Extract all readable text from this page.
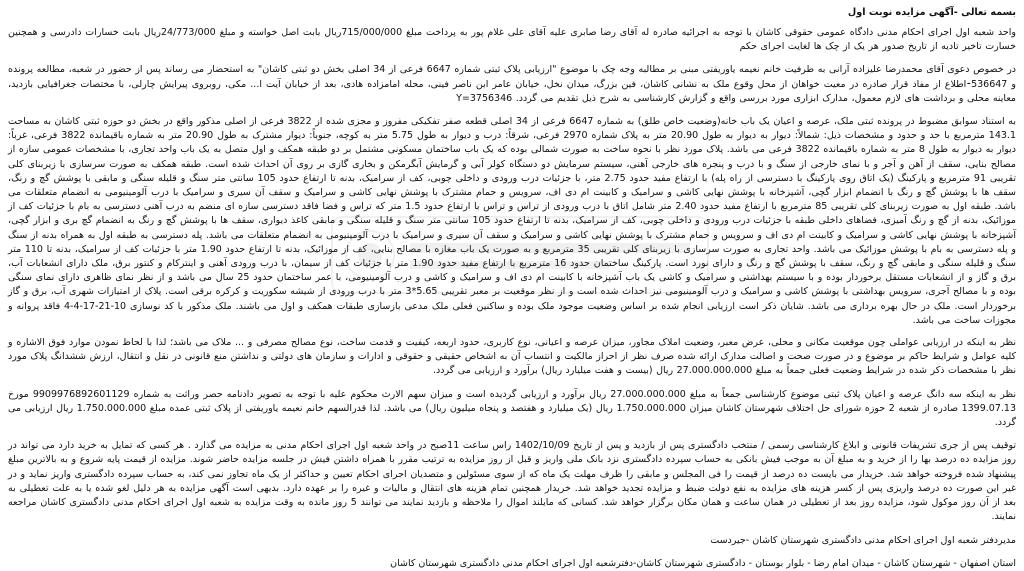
بسمه تعالی -آگهی مزایده نوبت اول

واحد شعبه اول اجرای احکام مدنی دادگاه عمومی حقوقی کاشان با توجه به اجرائیه صادره له آقای رضا صابری علیه آقای علی غلام پور به پرداخت مبلغ 715/000/000ریال بابت اصل خواسته و مبلغ 24/773/000ریال بابت خسارات دادرسی و همچنین خسارت تاخیر تادیه از تاریخ صدور هر یک از چک ها لغایت اجرای حکم

در خصوص دعوی آقای محمدرضا علیزاده آرانی به طرفیت خانم نعیمه یاوریفتی مبنی بر مطالبه وجه چک با موضوع "ارزیابی پلاک ثبتی شماره 6647 فرعی از 34 اصلی بخش دو ثبتی کاشان" به استحضار می رساند پس از حضور در شعبه، مطالعه پرونده و 536647⁃اطلاع از مفاد قرار صادره در معیت خواهان از محل وقوع ملک به نشانی کاشان، فین بزرگ، میدان نخل، خیابان عامر ابن ناصر فینی، محله امامزاده هادی، بعد از خیابان آیت ا... مکی، روبروی پیرایش چارلی، با مختصات جغرافیایی بازدید، معاینه محلی و برداشت های لازم معمول، مدارک ابزاری مورد بررسی واقع و گزارش کارشناسی به شرح ذیل تقدیم می گردد. Y=3756346

به استناد سوابق مضبوط در پرونده ثبتی ملک، عرصه و اعیان یک باب خانه(وضعیت خاص طلق) به شماره 6647 فرعی از 34 اصلی قطعه صفر تفکیکی مفروز و مجزی شده از 3822 فرعی از اصلی مذکور واقع در بخش دو حوزه ثبتی کاشان به مساحت 143.1 مترمربع با حد و حدود و مشخصات ذیل: شمالاً: دیوار به دیوار به طول 20.90 متر به پلاک شماره 2970 فرعی، شرقاً: درب و دیوار به طول 5.75 متر به کوچه، جنوباً: دیوار مشترک به طول 20.90 متر به شماره باقیمانده 3822 فرعی، غرباً: دیوار به دیوار به طول 8 متر به شماره باقیمانده 3822 فرعی می باشد. پلاک مورد نظر با نحوه ساخت به صورت شمالی بوده که یک باب ساختمان مسکونی مشتمل بر دو طبقه همکف و اول متصل به یک باب واحد تجاری، با مشخصات عمومی سازه از مصالح بنایی، سقف از آهن و آجر و با نمای خارجی از سنگ و با درب و پنجره های خارجی آهنی، سیستم سرمایش دو دستگاه کولر آبی و گرمایش آبگرمکن و بخاری گازی بر روی آن احداث شده است. طبقه همکف به صورت سرسازی با زیربنای کلی تقریبی 91 مترمربع و پارکینگ (یک اتاق روی پارکینگ با دسترسی از راه پله) با ارتفاع مفید حدود 2.75 متر، با جزئیات درب ورودی و داخلی چوبی، کف از سرامیک، بدنه تا ارتفاع حدود 105 سانتی متر سنگ و قلیله سنگی و مابقی با پوشش گچ و رنگ، سقف ها با پوشش گچ و رنگ با انضمام ابزار گچی، آشپزخانه با پوشش نهایی کاشی و سرامیک و کابینت ام دی اف، سرویس و حمام مشترک با پوشش نهایی کاشی و سرامیک و سقف آن سیری و سرامیک با درب آلومینیومی به انضمام متعلقات می باشد. طبقه اول به صورت زیربنای کلی تقریبی 85 مترمربع با ارتفاع مفید حدود 2.40 متر شامل اتاق با درب ورودی از تراس و تراس با ارتفاع حدود 1.5 متر که تراس و فضا فاقد دسترسی سازه ای منضم به درب آهنی دسترسی به بام با جزئیات کف از موزائیک، بدنه از گچ و رنگ آمیزی، فضاهای داخلی طبقه با جزئیات درب ورودی و داخلی چوبی، کف از سرامیک، بدنه تا ارتفاع حدود 105 سانتی متر سنگ و قلیله سنگی و مابقی کاغذ دیواری، سقف ها با پوشش گچ و رنگ به انضمام گچ بری و ابزار گچی، آشپزخانه با پوشش نهایی کاشی و سرامیک و کابینت ام دی اف و سرویس و حمام مشترک با پوشش نهایی کاشی و سرامیک و سقف آن سیری و سرامیک با درب آلومینیومی به انضمام متعلقات می باشد. پله دسترسی به طبقه اول به همراه بدنه از سنگ و پله دسترسی به بام با پوشش موزائیک می باشد. واحد تجاری به صورت سرسازی با زیربنای کلی تقریبی 35 مترمربع و به صورت یک باب مغازه با مصالح بنایی، کف از موزائیک، بدنه تا ارتفاع حدود 1.90 متر با جزئیات کف از سرامیک، بدنه تا 110 متر سنگ و قلیله سنگی و مابقی گچ و رنگ، سقف با پوشش گچ و رنگ و دارای نورد است. پارکینگ ساختمان حدود 16 مترمربع با ارتفاع مفید حدود 1.90 متر با جزئیات کف از سیمان، با درب ورودی آهنی و اینترکام و کنتور برق، ملک دارای انشعابات آب، برق و گاز و از انشعابات مستقل برخوردار بوده و با سیستم بهداشتی و سرامیک و کاشی یک باب آشپزخانه با کابینت ام دی اف و سرامیک و کاشی و درب آلومینیومی، با عمر ساختمان حدود 25 سال می باشد و از نظر نمای ظاهری دارای نمای سنگی بوده و با مصالح آجری، سرویس بهداشتی با پوشش کاشی و سرامیک و درب آلومینیومی نیز احداث شده است و از نظر موقعیت بر معبر تقریبی 5.65*3 متر با درب ورودی از شیشه سکوریت و کرکره برقی است. پلاک از امتیازات شهری آب، برق و گاز برخوردار است. ملک در حال بهره برداری می باشد. شایان ذکر است ارزیابی انجام شده بر اساس وضعیت موجود ملک بوده و ساکنین فعلی ملک مدعی بازسازی طبقات همکف و اول می باشند. ملک مذکور با کد نوسازی 10-21-17-4-4 فاقد پروانه و مجوزات ساخت می باشد.

نظر به اینکه در ارزیابی عواملی چون موقعیت مکانی و محلی، عرض معبر، وضعیت املاک مجاور، میزان عرصه و اعیانی، نوع کاربری، حدود اربعه، کیفیت و قدمت ساخت، نوع مصالح مصرفی و ... ملاک می باشد؛ لذا با لحاظ نمودن موارد فوق الاشاره و کلیه عوامل و شرایط حاکم بر موضوع و در صورت صحت و اصالت مدارک ارائه شده صرف نظر از احراز مالکیت و انتساب آن به اشخاص حقیقی و حقوقی و ادارات و سازمان های دولتی و نداشتن منع قانونی در نقل و انتقال، ارزش ششدانگ پلاک مورد نظر با مشخصات ذکر شده در شرایط وضعیت فعلی جمعاً به مبلغ 27.000.000.000 ریال (بیست و هفت میلیارد ریال) برآورد و ارزیابی می گردد.

نظر به اینکه سه دانگ عرصه و اعیان پلاک ثبتی موضوع کارشناسی جمعاً به مبلغ 27.000.000.000 ریال برآورد و ارزیابی گردیده است و میزان سهم الارث محکوم علیه با توجه به تصویر دادنامه حصر وراثت به شماره 9909976892601129 مورخ 1399.07.13 صادره از شعبه 2 حوزه شورای حل اختلاف شهرستان کاشان میزان 1.750.000.000 ریال (یک میلیارد و هفتصد و پنجاه میلیون ریال) می باشد. لذا قدرالسهم خانم نعیمه یاوریفتی از پلاک ثبتی عمده مبلغ 1.750.000.000 ریال ارزیابی می گردد.

توقیف پس از جری تشریفات قانونی و ابلاغ کارشناسی رسمی / منتخب دادگستری پس از بازدید و پس از تاریخ 1402/10/09 راس ساعت 11صبح در واحد شعبه اول اجرای احکام مدنی به مزایده می گذارد . هر کسی که تمایل به خرید دارد می تواند در روز مزایده ده درصد بها را از خرید و به مبلغ آن به موجب فیش بانکی به حساب سپرده دادگستری نزد بانک ملی واریز و قبل از روز مزایده به ترتیب مقرر با همراه داشتن فیش در جلسه مزایده حاضر شوند. مزایده از قیمت پایه شروع و به بالاترین مبلغ پیشنهاد شده فروخته خواهد شد. خریدار می بایست ده درصد از قیمت را فی المجلس و مابقی را ظرف مهلت یک ماه که از سوی مسئولین و متصدیان اجرای احکام تعیین و حداکثر از یک ماه تجاوز نمی کند، به حساب سپرده دادگستری واریز نماید و در غیر این صورت ده درصد واریزی پس از کسر هزینه های مزایده به نفع دولت ضبط و مزایده تجدید خواهد شد. خریدار همچنین تمام هزینه های انتقال و مالیات و غیره را بر عهده دارد. بدیهی است آگهی مزایده به هر دلیل لغو شده یا به علت تعطیلی به بعد از آن روز موکول شود، مزایده روز بعد از تعطیلی در همان ساعت و همان مکان برگزار خواهد شد. کسانی که مایلند اموال را ملاحظه و بازدید نمایند می توانند 5 روز مانده به وقت مزایده به شعبه اول اجرای احکام مدنی دادگستری کاشان مراجعه نمایند.

مدیردفتر شعبه اول اجرای احکام مدنی دادگستری شهرستان کاشان -جیردست
استان اصفهان - شهرستان کاشان - میدان امام رضا - بلوار بوستان - دادگستری شهرستان کاشان-دفترشعبه اول اجرای احکام مدنی دادگستری شهرستان کاشان
